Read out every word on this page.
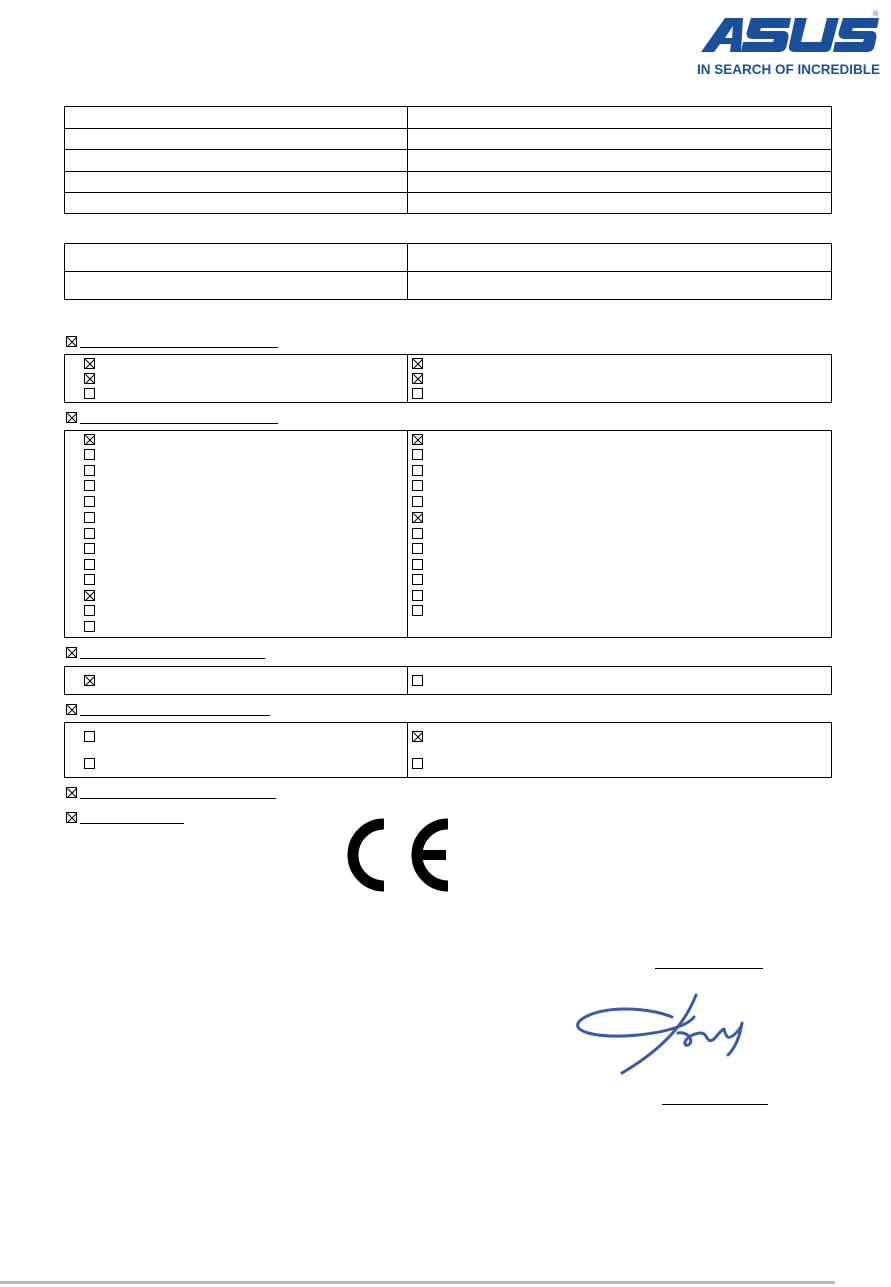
IN SEARCH OF INCREDIBLE
®
